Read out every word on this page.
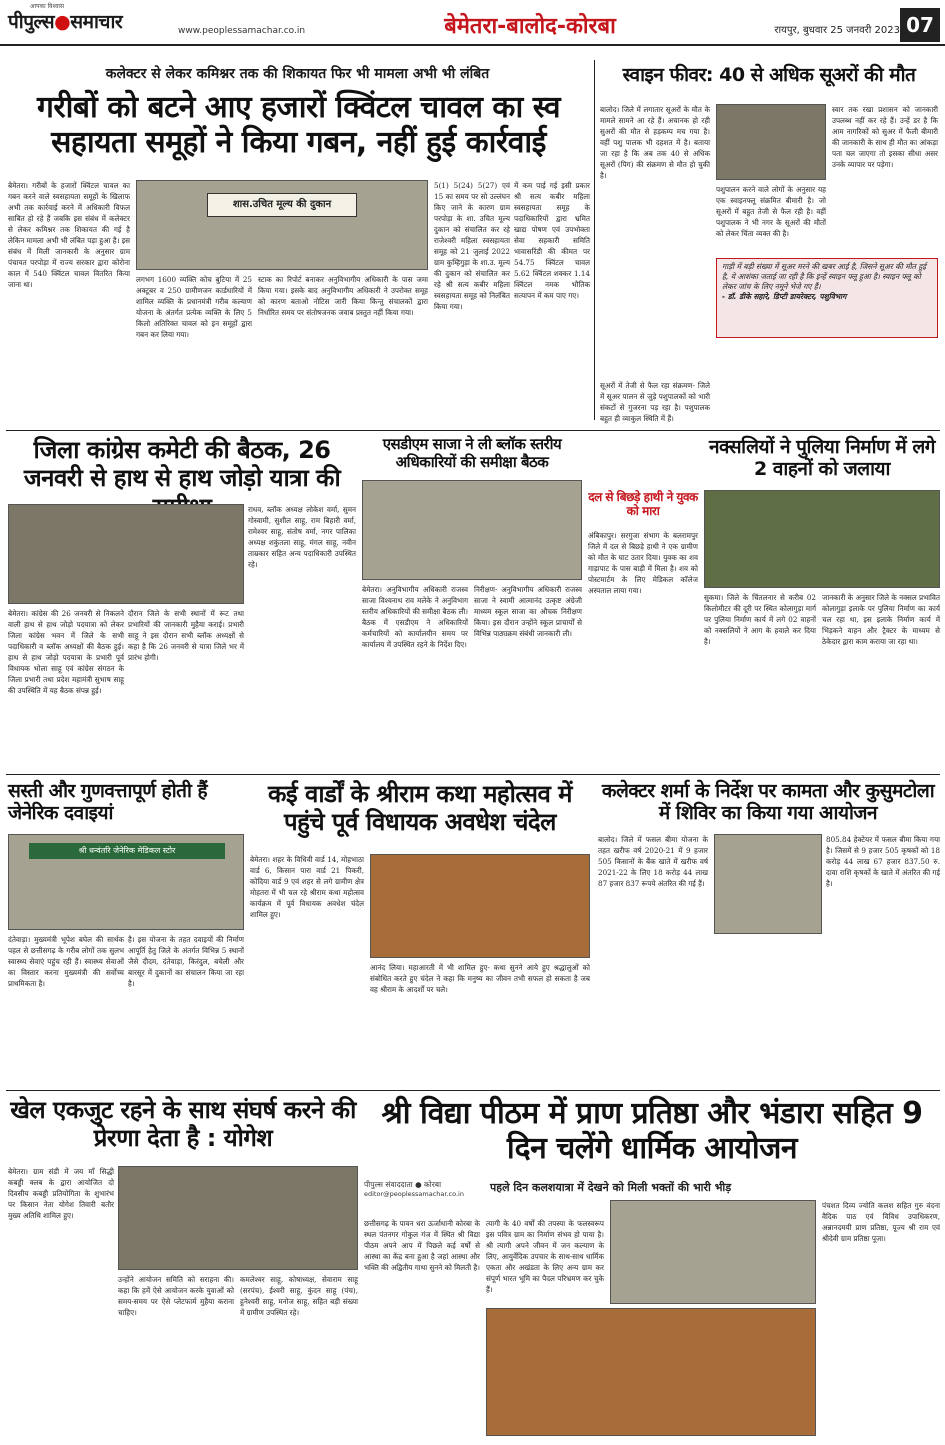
पीपुल्स●समाचार
आपका विश्वास
www.peoplessamachar.co.in	बेमेतरा-बालोद-कोरबा	रायपुर, बुधवार 25 जनवरी 2023 07
कलेक्टर से लेकर कमिश्नर तक की शिकायत फिर भी मामला अभी भी लंबित
गरीबों को बटने आए हजारों क्विंटल चावल का स्व सहायता समूहों ने किया गबन, नहीं हुई कार्रवाई
बेमेतरा। गरीबों के हजारों क्विंटल चावल का गबन करने वाले स्वसहायता समूहों के खिलाफ अभी तक कार्रवाई करने में अधिकारी विफल साबित हो रहे हैं जबकि इस संबंध में कलेक्टर से लेकर कमिश्नर तक शिकायत की गई है लेकिन मामला अभी भी लंबित पड़ा हुआ है। इस संबंध में मिली जानकारी के अनुसार ग्राम पंचायत परपोड़ा में राज्य सरकार द्वारा कोरोना काल में 540 क्विंटल चावल वितरित किया जाना था।
शास.उचित मूल्य की दुकान
लगभग 1600 व्यक्ति कोच बुटिया में 25 अक्टूबर व 250 ग्रामीणजन कार्डधारियों में शामिल व्यक्ति के प्रधानमंत्री गरीब कल्याण योजना के अंतर्गत प्रत्येक व्यक्ति के लिए 5 किलो अतिरिक्त चावल को इन समूहों द्वारा गबन कर लिया गया।
स्टाक का रिपोर्ट बनाकर अनुविभागीय अधिकारी के पास जमा किया गया। इसके बाद अनुविभागीय अधिकारी ने उपरोक्त समूह को कारण बताओ नोटिस जारी किया किन्तु संचालकों द्वारा निर्धारित समय पर संतोषजनक जवाब प्रस्तुत नहीं किया गया।
5(1) 5(24) 5(27) एवं 15 का समय पर सो उल्लंघन किए जाने के कारण ग्राम परपोड़ा के शा. उचित मूल्य दुकान को संचालित कर रहे राजेश्वरी महिला स्वसहायता समूह को 21 जुलाई 2022 ग्राम कुम्हिगुड़ा के शा.उ. मूल्य की दुकान को संचालित कर रहे श्री सत्य कबीर महिला स्वसहायता समूह को निलंबित किया गया।
में कम पाई गई इसी प्रकार श्री सत्य कबीर महिला स्वसहायता समूह के पदाधिकारियों द्वारा भ्रमित खाद्य पोषण एवं उपभोक्ता सेवा सहकारी समिति भावासरिंडी की कीमत पर 54.75 क्विंटल चावल 5.62 क्विंटल शक्कर 1.14 क्विंटल नमक भौतिक सत्यापन में कम पाए गए।
स्वाइन फीवर: 40 से अधिक सूअरों की मौत
बालोद। जिले में लगातार सूअरों के मौत के मामले सामने आ रहे हैं। अचानक हो रही सुअरों की मौत से हड़कम्प मच गया है। वहीं पशु पालक भी दहशत में है। बताया जा रहा है कि अब तक 40 से अधिक सूअरों (पिग) की संक्रमण से मौत हो चुकी है।
स्वार तक रखा प्रशासन को जानकारी उपलब्ध नहीं कर रहे हैं। उन्हें डर है कि आम नागरिकों को सुअर में फैली बीमारी की जानकारी के साथ ही मौत का आंकड़ा पता चल जाएगा तो इसका सीधा असर उनके व्यापार पर पड़ेगा।
पशुपालन करने वाले लोगों के अनुसार यह एक स्वाइनफ्लू संक्रमित बीमारी है। जो सूअरों में बहुत तेजी से फैल रही है। वहीं पशुपालक ने भी नगर के सूअरों की मौतों को लेकर चिंता व्यक्त की है।
सूअरों में तेजी से फैल रहा संक्रमण- जिले में सूअर पालन से जुड़े पशुपालकों को भारी संकटों से गुजरना पड़ रहा है। पशुपालक बहुत ही व्याकुल स्थिति में हैं।
गाड़ी में बड़ी संख्या में सूअर मरने की खबर आई है, जिसने सूअर की मौत हुई है, ये आशंका जताई जा रही है कि इन्हें स्वाइन फ्लू हुआ है। स्वाइन फ्लू को लेकर जांच के लिए नमूने भेजे गए हैं।
- डॉ. डीके सहारे, डिप्टी डायरेक्टर, पशुविभाग
जिला कांग्रेस कमेटी की बैठक, 26 जनवरी से हाथ से हाथ जोड़ो यात्रा की
बेमेतरा। कांग्रेस की 26 जनवरी से निकलने वाली हाथ से हाथ जोड़ो पदयात्रा को लेकर जिला कांग्रेस भवन में जिले के सभी पदाधिकारी व ब्लॉक अध्यक्षों की बैठक हुई। हाथ से हाथ जोड़ो पदयात्रा के प्रभारी पूर्व विधायक भोला साहू एवं कांग्रेस संगठन के जिला प्रभारी तथा प्रदेश महामंत्री सुभाष साहू की उपस्थिति में यह बैठक संपन्न हुई।
दौरान जिले के सभी स्थानों में रूट तथा प्रभारियों की जानकारी मुहैया कराई। प्रभारी साहू ने इस दौरान सभी ब्लॉक अध्यक्षों से कहा है कि 26 जनवरी से यात्रा जिले भर में प्रारंभ होगी।
राधव, ब्लॉक अध्यक्ष लोकेश वर्मा, सुमन गोस्वामी, सुशील साहू, राम बिहारी वर्मा, रामेश्वर साहू, संतोष वर्मा, नगर पालिका अध्यक्ष शकुंतला साहू, मंगल साहू, नवीन ताम्रकार सहित अन्य पदाधिकारी उपस्थित रहे।
एसडीएम साजा ने ली ब्लॉक स्तरीय अधिकारियों की समीक्षा बैठक
बेमेतरा। अनुविभागीय अधिकारी राजस्व साजा विश्वनाथ राव मलेके ने अनुविभाग स्तरीय अधिकारियों की समीक्षा बैठक ली। बैठक में एसडीएम ने अधिकारियों कर्मचारियों को कार्यालयीन समय पर कार्यालय में उपस्थित रहने के निर्देश दिए।
निरीक्षण- अनुविभागीय अधिकारी राजस्व साजा ने स्वामी आत्मानंद उत्कृष्ट अंग्रेजी माध्यम स्कूल साजा का औचक निरीक्षण किया। इस दौरान उन्होंने स्कूल प्राचार्यों से विभिन्न पाठ्यक्रम संबंधी जानकारी ली।
दल से बिछड़े हाथी ने युवक को मारा
अंबिकापुर। सरगुजा संभाग के बलरामपुर जिले में दल से बिछड़े हाथी ने एक ग्रामीण को मौत के घाट उतार दिया। युवक का शव गाड़ापाट के पास बाड़ी में मिला है। शव को पोस्टमार्टम के लिए मेडिकल कॉलेज अस्पताल लाया गया।
नक्सलियों ने पुलिया निर्माण में लगे 2 वाहनों को जलाया
सुकमा। जिले के चिंतलनार से करीब 02 किलोमीटर की दूरी पर स्थित कोलागुड़ा मार्ग पर पुलिया निर्माण कार्य में लगे 02 वाहनों को नक्सलियों ने आग के हवाले कर दिया है।
जानकारी के अनुसार जिले के नक्सल प्रभावित कोलागुड़ा इलाके पर पुलिया निर्माण का कार्य चल रहा था, इस इलाके निर्माण कार्य में भिड़कने वाहन और ट्रैक्टर के माध्यम से ठेकेदार द्वारा काम कराया जा रहा था।
सस्ती और गुणवत्तापूर्ण होती हैं जेनेरिक दवाइयां
श्री धन्वंतरि जेनेरिक मेडिकल स्टोर
दंतेवाड़ा। मुख्यमंत्री भूपेश बघेल की सार्थक पहल से छत्तीसगढ़ के गरीब लोगों तक सुलभ स्वास्थ्य सेवाएं पहुंच रही हैं। स्वास्थ्य सेवाओं का विस्तार करना मुख्यमंत्री की सर्वोच्च प्राथमिकता है।
है। इस योजना के तहत दवाइयों की निर्माण आपूर्ति हेतु जिले के अंतर्गत विभिन्न 5 स्थानों जैसे दीदम, दंतेवाड़ा, किरंदुल, बचेली और बारसूर में दुकानों का संचालन किया जा रहा है।
कई वार्डों के श्रीराम कथा महोत्सव में पहुंचे पूर्व विधायक अवधेश चंदेल
बेमेतरा। शहर के विधिवी वार्ड 14, मोहभाठा वार्ड 6, किसान पारा वार्ड 21 पिकरी, कोदिया वार्ड 9 एवं शहर से लगे ग्रामीण क्षेत्र मोहतरा में भी चल रहे श्रीराम कथा महोत्सव कार्यक्रम में पूर्व विधायक अवधेश चंदेल शामिल हुए।
आनंद लिया। महाआरती में भी शामिल हुए- कथा सुनने आये हुए श्रद्धालुओं को संबोधित करते हुए चंदेल ने कहा कि मनुष्य का जीवन तभी सफल हो सकता है जब वह श्रीराम के आदर्शों पर चले।
कलेक्टर शर्मा के निर्देश पर कामता और कुसुमटोला में शिविर का किया गया आयोजन
बालोद। जिले में फसल बीमा योजना के तहत खरीफ वर्ष 2020-21 में 9 हजार 505 किसानों के बैंक खाते में खरीफ वर्ष 2021-22 के लिए 18 करोड़ 44 लाख 87 हजार 837 रूपये अंतरित की गई हैं।
805.84 हेक्टेयर में फसल बीमा किया गया है। जिसमें से 9 हजार 505 कृषकों को 18 करोड़ 44 लाख 67 हजार 837.50 रु. दावा राशि कृषकों के खाते में अंतरित की गई है।
खेल एकजुट रहने के साथ संघर्ष करने की प्रेरणा देता है : योगेश
बेमेतरा। ग्राम संडी में जय माँ सिद्धी कबड्डी क्लब के द्वारा आयोजित दो दिवसीय कबड्डी प्रतियोगिता के शुभारंभ पर किसान नेता योगेश तिवारी बतौर मुख्य अतिथि शामिल हुए।
उन्होंने आयोजन समिति को सराहना की। कहा कि हमें ऐसे आयोजन करके युवाओं को समय-समय पर ऐसे प्लेटफार्म मुहैया कराना चाहिए।
कमलेश्वर साहू, कोषाध्यक्ष, सेवाराम साहू (सरपंच), ईश्वरी साहू, कुंदन साहू (पंच), हुनेश्वरी साहू, मनोज साहू, सहित बड़ी संख्या में ग्रामीण उपस्थित रहे।
श्री विद्या पीठम में प्राण प्रतिष्ठा और भंडारा सहित 9 दिन चलेंगे धार्मिक आयोजन
पीपुल्स संवाददाता ● कोरबा
editor@peoplessamachar.co.in	पहले दिन कलशयात्रा में देखने को मिली भक्तों की भारी भीड़
छत्तीसगढ़ के पावन धरा ऊर्जाधानी कोरबा के स्थल पंतनगर गोकुल गंज में स्थित श्री विद्या पीठम अपने आप में पिछले कई वर्षों से आस्था का केंद्र बना हुआ है जहां आस्था और भक्ति की अद्वितीय गाथा सुनने को मिलती है।
त्यागी के 40 वर्षों की तपस्या के फलस्वरूप इस पवित्र ग्राम का निर्माण संभव हो पाया है। श्री त्यागी अपने जीवन में जन कल्याण के लिए, आयुर्वेदिक उपचार के साथ-साथ धार्मिक एकता और अखंडता के लिए अन्य ग्राम कर संपूर्ण भारत भूमि का पैदल परिभ्रमण कर चुके हैं।
पंचशत दिव्य ज्योति कलश सहित गुरु वंदना वैदिक पाठ एवं विविध उपाधिकरण, अन्नानदमयी प्राण प्रतिष्ठा, पूज्य श्री राम एवं श्रीदेवी ग्राम प्रतिष्ठा पूजा।
